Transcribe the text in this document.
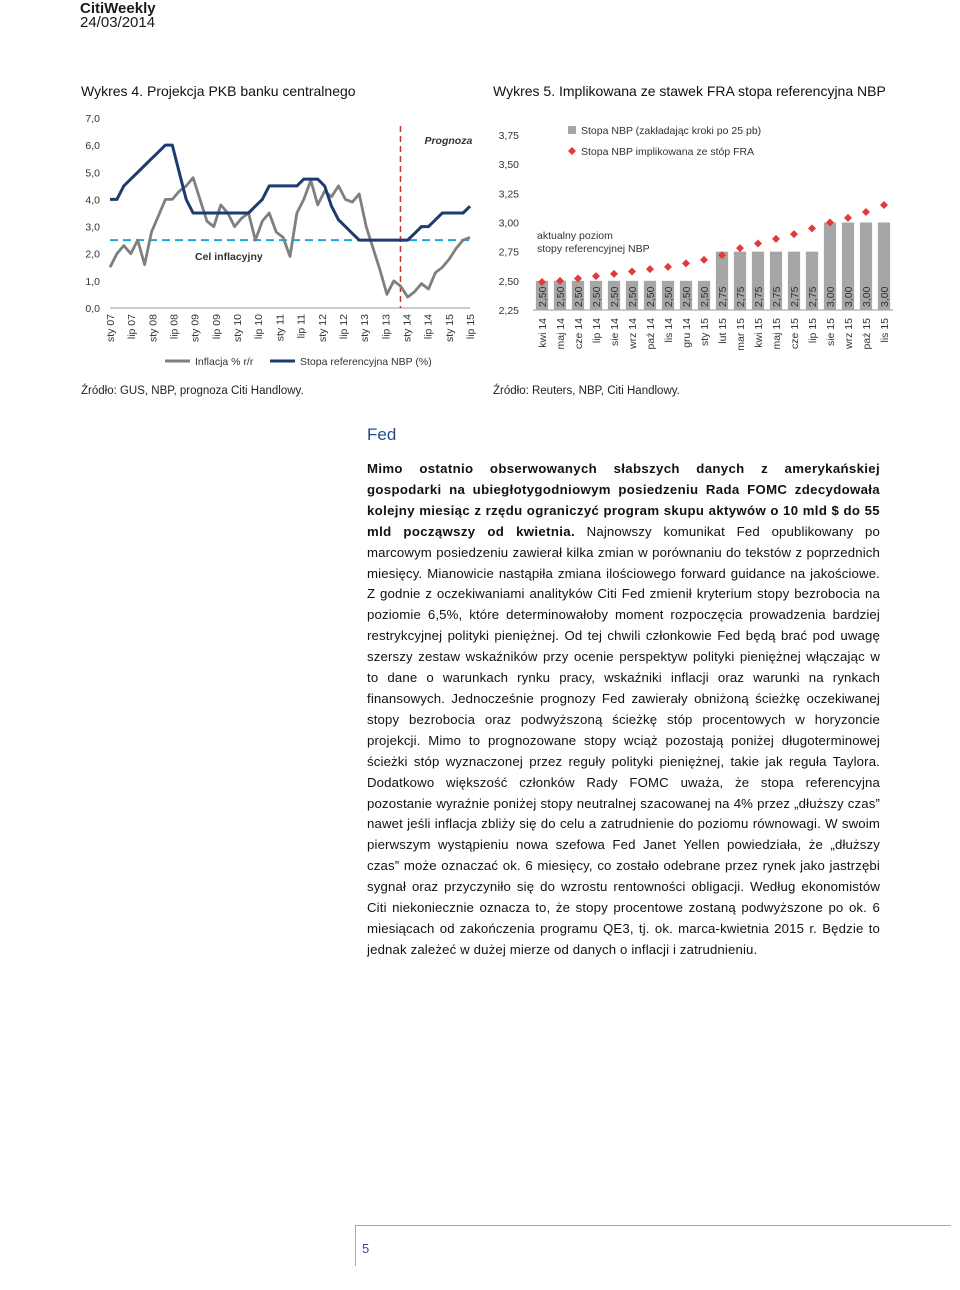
CitiWeekly
24/03/2014
Wykres 4. Projekcja PKB banku centralnego	Wykres 5. Implikowana ze stawek FRA stopa referencyjna NBP
7,0
6,0
5,0
4,0
3,0
2,0
1,0
0,0
sty 07 lip 07 sty 08 lip 08 sty 09 lip 09 sty 10 lip 10 sty 11 lip 11 sty 12 lip 12 sty 13 lip 13 sty 14 lip 14 sty 15 lip 15
Cel inflacyjny
Prognoza
Inflacja % r/r	Stopa referencyjna NBP (%)
3,75
3,50
3,25
3,00
2,75
2,50
2,25
2,50 2,50 2,50 2,50 2,50 2,50 2,50 2,50 2,50 2,50 2,75 2,75 2,75 2,75 2,75 2,75 3,00 3,00 3,00 3,00
kwi 14 maj 14 cze 14 lip 14 sie 14 wrz 14 paź 14 lis 14 gru 14 sty 15 lut 15 mar 15 kwi 15 maj 15 cze 15 lip 15 sie 15 wrz 15 paź 15 lis 15
aktualny poziom
stopy referencyjnej NBP
Stopa NBP (zakładając kroki po 25 pb)
Stopa NBP implikowana ze stóp FRA
Źródło: GUS, NBP, prognoza Citi Handlowy.	Źródło: Reuters, NBP, Citi Handlowy.
Fed

Mimo ostatnio obserwowanych słabszych danych z amerykańskiej gospodarki na ubiegłotygodniowym posiedzeniu Rada FOMC zdecydowała kolejny miesiąc z rzędu ograniczyć program skupu aktywów o 10 mld $ do 55 mld począwszy od kwietnia. Najnowszy komunikat Fed opublikowany po marcowym posiedzeniu zawierał kilka zmian w porównaniu do tekstów z poprzednich miesięcy. Mianowicie nastąpiła zmiana ilościowego forward guidance na jakościowe. Z godnie z oczekiwaniami analityków Citi Fed zmienił kryterium stopy bezrobocia na poziomie 6,5%, które determinowałoby moment rozpoczęcia prowadzenia bardziej restrykcyjnej polityki pieniężnej. Od tej chwili członkowie Fed będą brać pod uwagę szerszy zestaw wskaźników przy ocenie perspektyw polityki pieniężnej włączając w to dane o warunkach rynku pracy, wskaźniki inflacji oraz warunki na rynkach finansowych. Jednocześnie prognozy Fed zawierały obniżoną ścieżkę oczekiwanej stopy bezrobocia oraz podwyższoną ścieżkę stóp procentowych w horyzoncie projekcji. Mimo to prognozowane stopy wciąż pozostają poniżej długoterminowej ścieżki stóp wyznaczonej przez reguły polityki pieniężnej, takie jak reguła Taylora. Dodatkowo większość członków Rady FOMC uważa, że stopa referencyjna pozostanie wyraźnie poniżej stopy neutralnej szacowanej na 4% przez „dłuższy czas” nawet jeśli inflacja zbliży się do celu a zatrudnienie do poziomu równowagi. W swoim pierwszym wystąpieniu nowa szefowa Fed Janet Yellen powiedziała, że „dłuższy czas” może oznaczać ok. 6 miesięcy, co zostało odebrane przez rynek jako jastrzębi sygnał oraz przyczyniło się do wzrostu rentowności obligacji. Według ekonomistów Citi niekoniecznie oznacza to, że stopy procentowe zostaną podwyższone po ok. 6 miesiącach od zakończenia programu QE3, tj. ok. marca-kwietnia 2015 r. Będzie to jednak zależeć w dużej mierze od danych o inflacji i zatrudnieniu.

5
